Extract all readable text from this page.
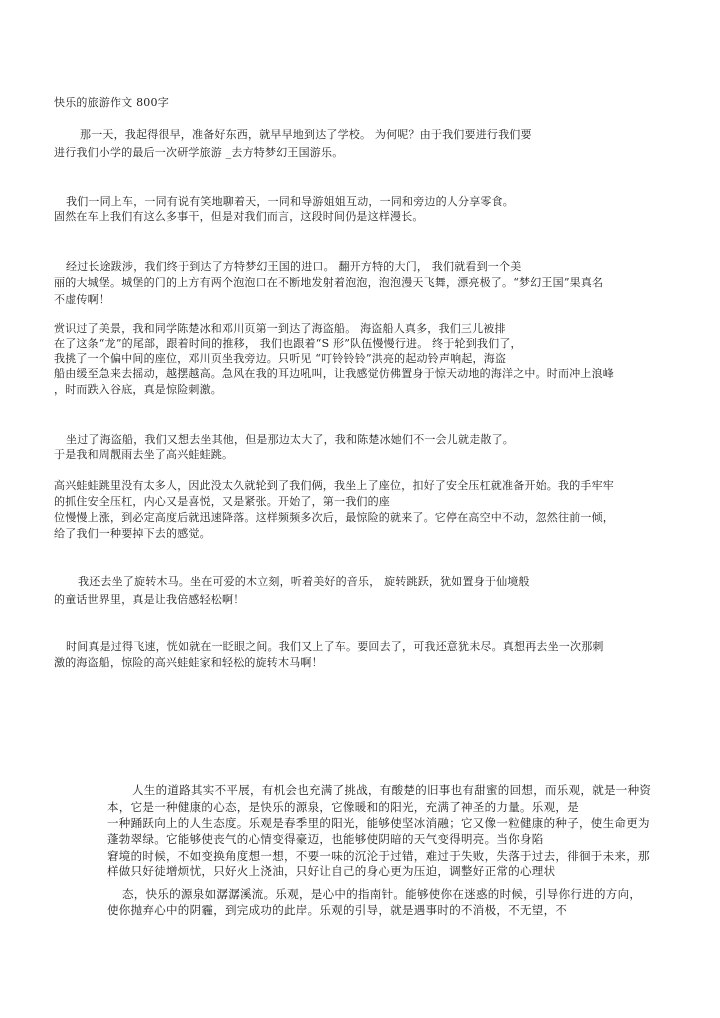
快乐的旅游作文 800字
那一天，我起得很早，准备好东西，就早早地到达了学校。 为何呢？由于我们要进行我们要
进行我们小学的最后一次研学旅游 _去方特梦幻王国游乐。
我们一同上车，一同有说有笑地聊着天，一同和导游姐姐互动，一同和旁边的人分享零食。
固然在车上我们有这么多事干，但是对我们而言，这段时间仍是这样漫长。
经过长途跋涉，我们终于到达了方特梦幻王国的进口。 翻开方特的大门， 我们就看到一个美
丽的大城堡。城堡的门的上方有两个泡泡口在不断地发射着泡泡，泡泡漫天飞舞，漂亮极了。“梦幻王国”果真名
不虚传啊！
赏识过了美景，我和同学陈楚冰和邓川页第一到达了海盗船。 海盗船人真多，我们三儿被排
在了这条“龙”的尾部，跟着时间的推移， 我们也跟着“S 形”队伍慢慢行进。 终于轮到我们了，
我挑了一个偏中间的座位，邓川页坐我旁边。只听见 “叮铃铃铃”洪亮的起动铃声响起，海盗
船由缓至急来去摇动，越摆越高。急风在我的耳边吼叫，让我感觉仿佛置身于惊天动地的海洋之中。时而冲上浪峰
，时而跌入谷底，真是惊险刺激。
坐过了海盗船，我们又想去坐其他，但是那边太大了，我和陈楚冰她们不一会儿就走散了。
于是我和周靓雨去坐了高兴蛙蛙跳。
高兴蛙蛙跳里没有太多人，因此没太久就轮到了我们俩，我坐上了座位，扣好了安全压杠就准备开始。我的手牢牢
的抓住安全压杠，内心又是喜悦，又是紧张。开始了，第一我们的座
位慢慢上涨，到必定高度后就迅速降落。这样频频多次后，最惊险的就来了。它停在高空中不动，忽然往前一倾，
给了我们一种要掉下去的感觉。
我还去坐了旋转木马。坐在可爱的木立刻，听着美好的音乐， 旋转跳跃，犹如置身于仙境般
的童话世界里，真是让我倍感轻松啊！
时间真是过得飞速，恍如就在一眨眼之间。我们又上了车。要回去了，可我还意犹未尽。真想再去坐一次那刺
激的海盗船，惊险的高兴蛙蛙家和轻松的旋转木马啊！
人生的道路其实不平展，有机会也充满了挑战，有酸楚的旧事也有甜蜜的回想，而乐观，就是一种资
本，它是一种健康的心态，是快乐的源泉，它像暖和的阳光，充满了神圣的力量。乐观，是
一种踊跃向上的人生态度。乐观是春季里的阳光，能够使坚冰消融；它又像一粒健康的种子，使生命更为
蓬勃翠绿。它能够使丧气的心情变得豪迈，也能够使阴暗的天气变得明亮。当你身陷
窘境的时候，不如变换角度想一想，不要一味的沉沦于过错，难过于失败，失落于过去，徘徊于未来，那
样做只好徒增烦忧，只好火上浇油，只好让自己的身心更为压迫，调整好正常的心理状
态，快乐的源泉如潺潺溪流。乐观，是心中的指南针。能够使你在迷惑的时候，引导你行进的方向，
使你抛弃心中的阴霾，到完成功的此岸。乐观的引导，就是遇事时的不消极，不无望，不
